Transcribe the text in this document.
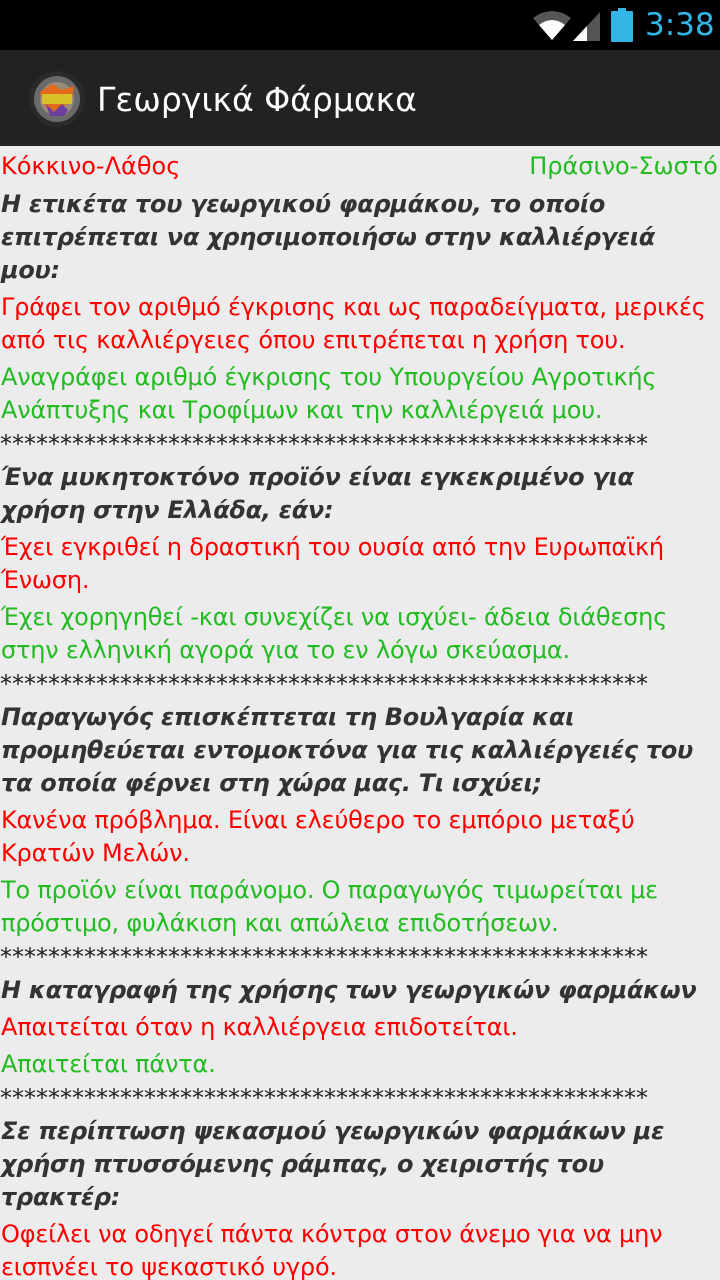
3:38
Γεωργικά Φάρμακα
Κόκκινο-Λάθος	Πράσινο-Σωστό

Η ετικέτα του γεωργικού φαρμάκου, το οποίο επιτρέπεται να χρησιμοποιήσω στην καλλιέργειά μου:

Γράφει τον αριθμό έγκρισης και ως παραδείγματα, μερικές από τις καλλιέργειες όπου επιτρέπεται η χρήση του.

Αναγράφει αριθμό έγκρισης του Υπουργείου Αγροτικής Ανάπτυξης και Τροφίμων και την καλλιέργειά μου.

******************************************************

Ένα μυκητοκτόνο προϊόν είναι εγκεκριμένο για χρήση στην Ελλάδα, εάν:

Έχει εγκριθεί η δραστική του ουσία από την Ευρωπαϊκή Ένωση.

Έχει χορηγηθεί -και συνεχίζει να ισχύει- άδεια διάθεσης στην ελληνική αγορά για το εν λόγω σκεύασμα.

******************************************************

Παραγωγός επισκέπτεται τη Βουλγαρία και προμηθεύεται εντομοκτόνα για τις καλλιέργειές του τα οποία φέρνει στη χώρα μας. Τι ισχύει;

Κανένα πρόβλημα. Είναι ελεύθερο το εμπόριο μεταξύ Κρατών Μελών.

Το προϊόν είναι παράνομο. Ο παραγωγός τιμωρείται με πρόστιμο, φυλάκιση και απώλεια επιδοτήσεων.

******************************************************

Η καταγραφή της χρήσης των γεωργικών φαρμάκων

Απαιτείται όταν η καλλιέργεια επιδοτείται.

Απαιτείται πάντα.

******************************************************

Σε περίπτωση ψεκασμού γεωργικών φαρμάκων με χρήση πτυσσόμενης ράμπας, ο χειριστής του τρακτέρ:

Οφείλει να οδηγεί πάντα κόντρα στον άνεμο για να μην εισπνέει το ψεκαστικό υγρό.
